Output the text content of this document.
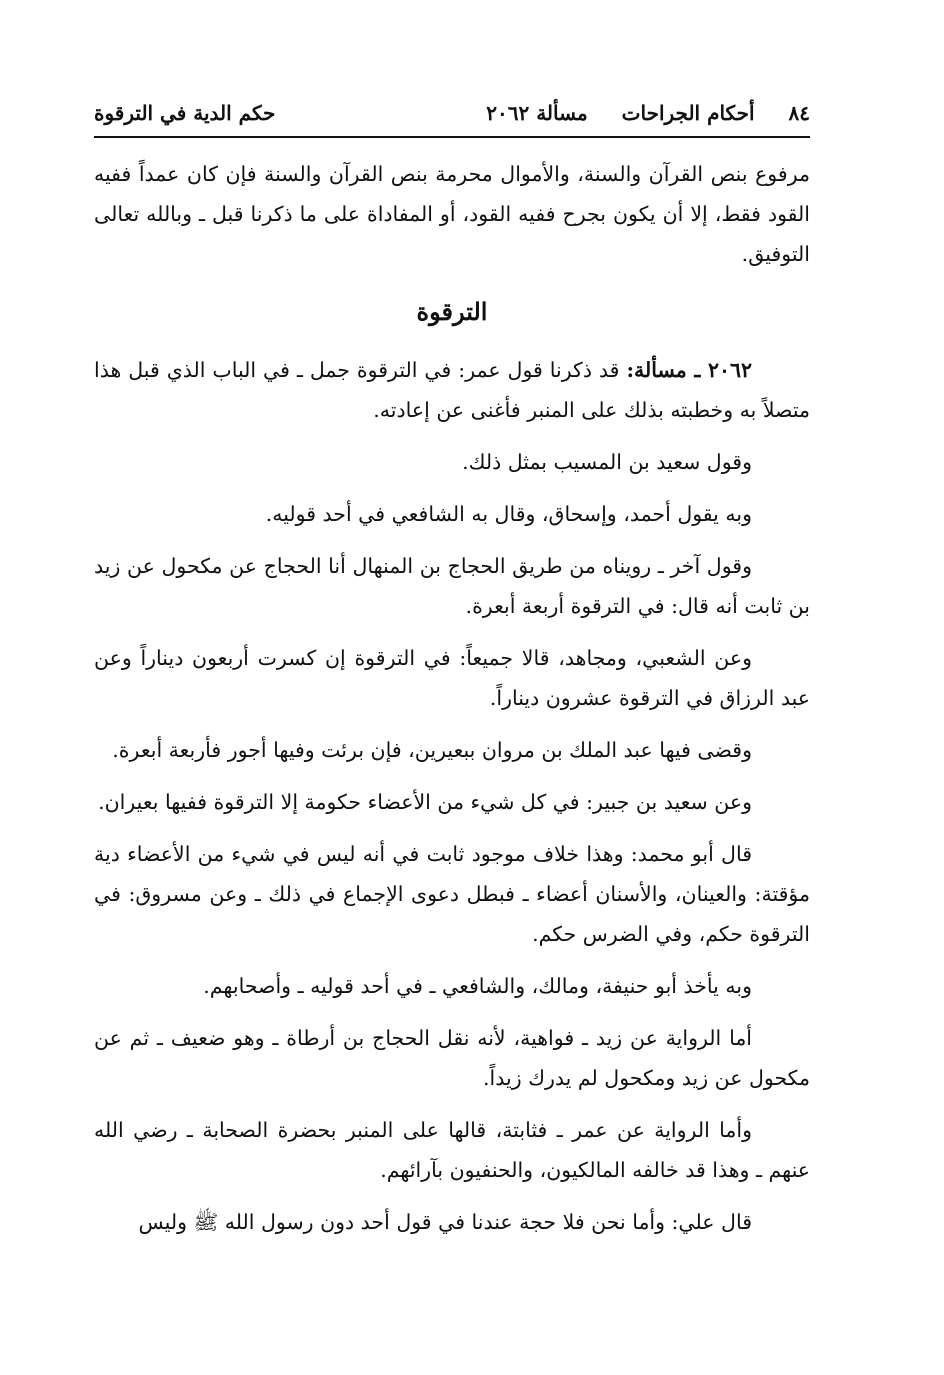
٨٤
أحكام الجراحات
مسألة ٢٠٦٢
حكم الدية في الترقوة

مرفوع بنص القرآن والسنة، والأموال محرمة بنص القرآن والسنة فإن كان عمداً ففيه القود فقط، إلا أن يكون بجرح ففيه القود، أو المفاداة على ما ذكرنا قبل ـ وبالله تعالى التوفيق.

الترقوة

٢٠٦٢ ـ مسألة: قد ذكرنا قول عمر: في الترقوة جمل ـ في الباب الذي قبل هذا متصلاً به وخطبته بذلك على المنبر فأغنى عن إعادته.

وقول سعيد بن المسيب بمثل ذلك.

وبه يقول أحمد، وإسحاق، وقال به الشافعي في أحد قوليه.

وقول آخر ـ رويناه من طريق الحجاج بن المنهال أنا الحجاج عن مكحول عن زيد بن ثابت أنه قال: في الترقوة أربعة أبعرة.

وعن الشعبي، ومجاهد، قالا جميعاً: في الترقوة إن كسرت أربعون ديناراً وعن عبد الرزاق في الترقوة عشرون ديناراً.

وقضى فيها عبد الملك بن مروان ببعيرين، فإن برئت وفيها أجور فأربعة أبعرة.

وعن سعيد بن جبير: في كل شيء من الأعضاء حكومة إلا الترقوة ففيها بعيران.

قال أبو محمد: وهذا خلاف موجود ثابت في أنه ليس في شيء من الأعضاء دية مؤقتة: والعينان، والأسنان أعضاء ـ فبطل دعوى الإجماع في ذلك ـ وعن مسروق: في الترقوة حكم، وفي الضرس حكم.

وبه يأخذ أبو حنيفة، ومالك، والشافعي ـ في أحد قوليه ـ وأصحابهم.

أما الرواية عن زيد ـ فواهية، لأنه نقل الحجاج بن أرطاة ـ وهو ضعيف ـ ثم عن مكحول عن زيد ومكحول لم يدرك زيداً.

وأما الرواية عن عمر ـ فثابتة، قالها على المنبر بحضرة الصحابة ـ رضي الله عنهم ـ وهذا قد خالفه المالكيون، والحنفيون بآرائهم.

قال علي: وأما نحن فلا حجة عندنا في قول أحد دون رسول الله ﷺ وليس
